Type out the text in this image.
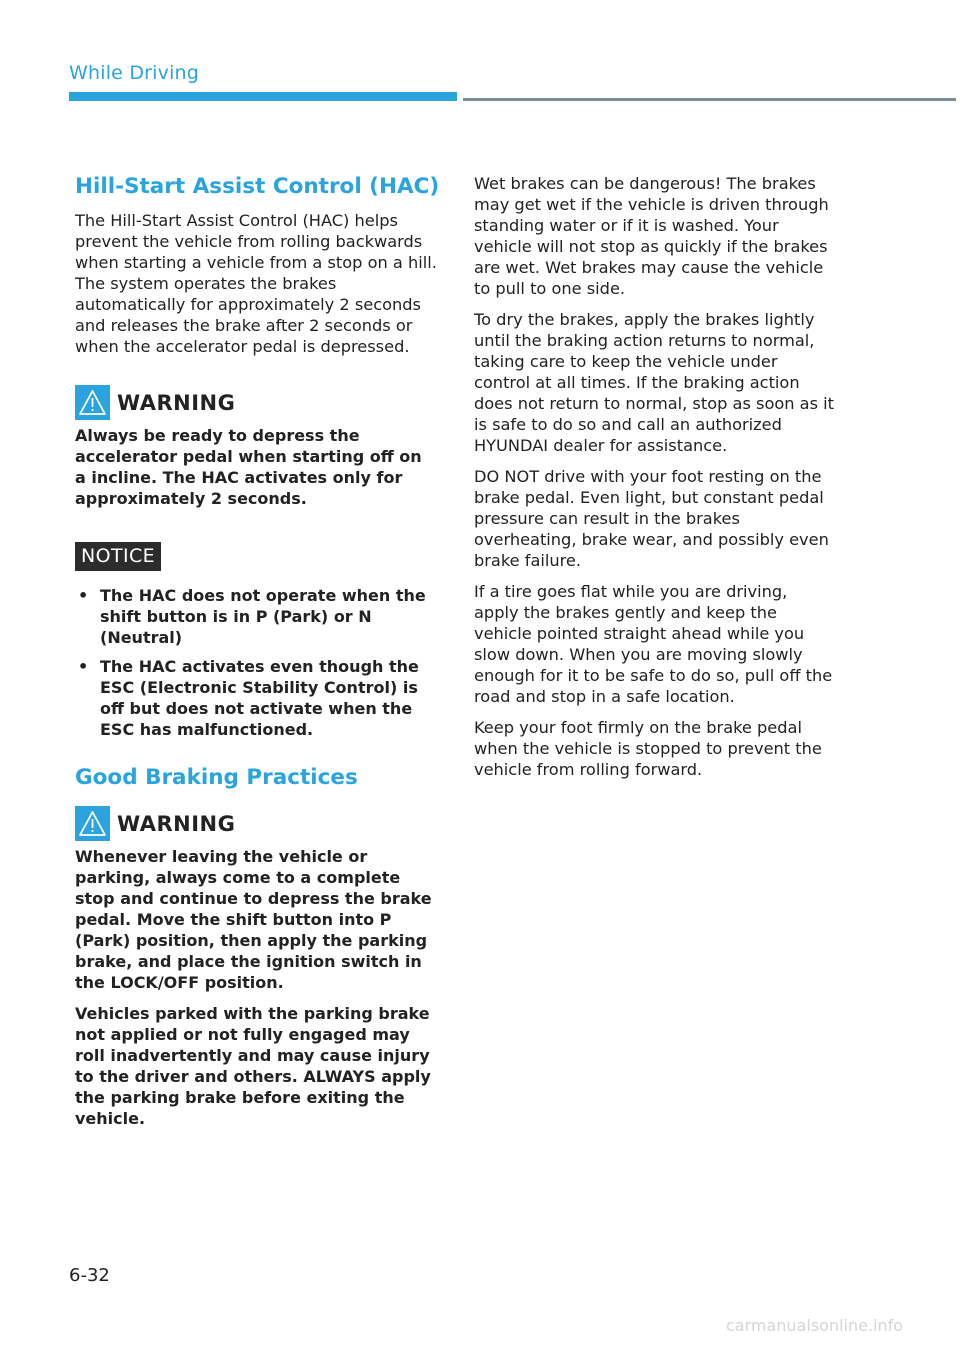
While Driving
Hill-Start Assist Control (HAC)

The Hill-Start Assist Control (HAC) helps prevent the vehicle from rolling backwards when starting a vehicle from a stop on a hill. The system operates the brakes automatically for approximately 2 seconds and releases the brake after 2 seconds or when the accelerator pedal is depressed.

WARNING

Always be ready to depress the accelerator pedal when starting off on a incline. The HAC activates only for approximately 2 seconds.

NOTICE
• The HAC does not operate when the shift button is in P (Park) or N (Neutral)
• The HAC activates even though the ESC (Electronic Stability Control) is off but does not activate when the ESC has malfunctioned.
Good Braking Practices
WARNING

Whenever leaving the vehicle or parking, always come to a complete stop and continue to depress the brake pedal. Move the shift button into P (Park) position, then apply the parking brake, and place the ignition switch in the LOCK/OFF position.

Vehicles parked with the parking brake not applied or not fully engaged may roll inadvertently and may cause injury to the driver and others. ALWAYS apply the parking brake before exiting the vehicle.

Wet brakes can be dangerous! The brakes may get wet if the vehicle is driven through standing water or if it is washed. Your vehicle will not stop as quickly if the brakes are wet. Wet brakes may cause the vehicle to pull to one side.

To dry the brakes, apply the brakes lightly until the braking action returns to normal, taking care to keep the vehicle under control at all times. If the braking action does not return to normal, stop as soon as it is safe to do so and call an authorized HYUNDAI dealer for assistance.

DO NOT drive with your foot resting on the brake pedal. Even light, but constant pedal pressure can result in the brakes overheating, brake wear, and possibly even brake failure.

If a tire goes flat while you are driving, apply the brakes gently and keep the vehicle pointed straight ahead while you slow down. When you are moving slowly enough for it to be safe to do so, pull off the road and stop in a safe location.

Keep your foot firmly on the brake pedal when the vehicle is stopped to prevent the vehicle from rolling forward.

6-32
carmanualsonline.info
